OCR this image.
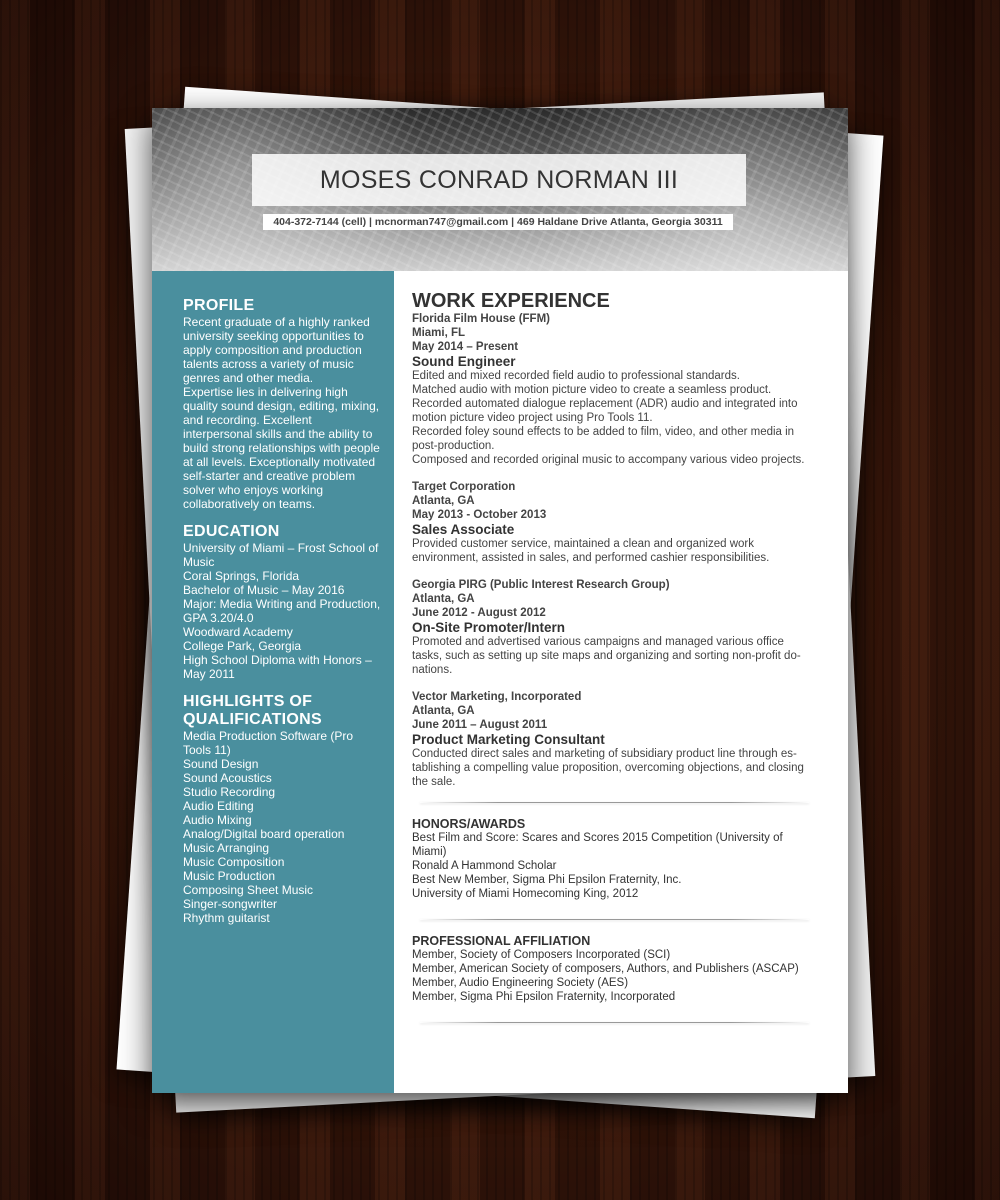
MOSES CONRAD NORMAN III
404-372-7144 (cell) | mcnorman747@gmail.com | 469 Haldane Drive Atlanta, Georgia 30311
PROFILE

Recent graduate of a highly ranked university seeking opportunities to apply composition and production talents across a variety of music genres and other media.

Expertise lies in delivering high quality sound design, editing, mixing, and recording. Excellent interpersonal skills and the ability to build strong relationships with people at all levels. Exceptionally motivated self-starter and creative problem solver who enjoys working collaboratively on teams.

EDUCATION
University of Miami – Frost School of Music
Coral Springs, Florida
Bachelor of Music – May 2016
Major: Media Writing and Production, GPA 3.20/4.0
Woodward Academy
College Park, Georgia
High School Diploma with Honors – May 2011
HIGHLIGHTS OF QUALIFICATIONS
Media Production Software (Pro Tools 11)
Sound Design
Sound Acoustics
Studio Recording
Audio Editing
Audio Mixing
Analog/Digital board operation
Music Arranging
Music Composition
Music Production
Composing Sheet Music
Singer-songwriter
Rhythm guitarist
WORK EXPERIENCE
Florida Film House (FFM)
Miami, FL
May 2014 – Present
Sound Engineer
Edited and mixed recorded field audio to professional standards.
Matched audio with motion picture video to create a seamless product.
Recorded automated dialogue replacement (ADR) audio and integrated into motion picture video project using Pro Tools 11.
Recorded foley sound effects to be added to film, video, and other media in post-production.
Composed and recorded original music to accompany various video projects.
Target Corporation
Atlanta, GA
May 2013 - October 2013
Sales Associate
Provided customer service, maintained a clean and organized work environment, assisted in sales, and performed cashier responsibilities.
Georgia PIRG (Public Interest Research Group)
Atlanta, GA
June 2012 - August 2012
On-Site Promoter/Intern
Promoted and advertised various campaigns and managed various office tasks, such as setting up site maps and organizing and sorting non-profit do-nations.
Vector Marketing, Incorporated
Atlanta, GA
June 2011 – August 2011
Product Marketing Consultant
Conducted direct sales and marketing of subsidiary product line through es-tablishing a compelling value proposition, overcoming objections, and closing the sale.
HONORS/AWARDS
Best Film and Score: Scares and Scores 2015 Competition (University of Miami)
Ronald A Hammond Scholar
Best New Member, Sigma Phi Epsilon Fraternity, Inc.
University of Miami Homecoming King, 2012
PROFESSIONAL AFFILIATION
Member, Society of Composers Incorporated (SCI)
Member, American Society of composers, Authors, and Publishers (ASCAP)
Member, Audio Engineering Society (AES)
Member, Sigma Phi Epsilon Fraternity, Incorporated
